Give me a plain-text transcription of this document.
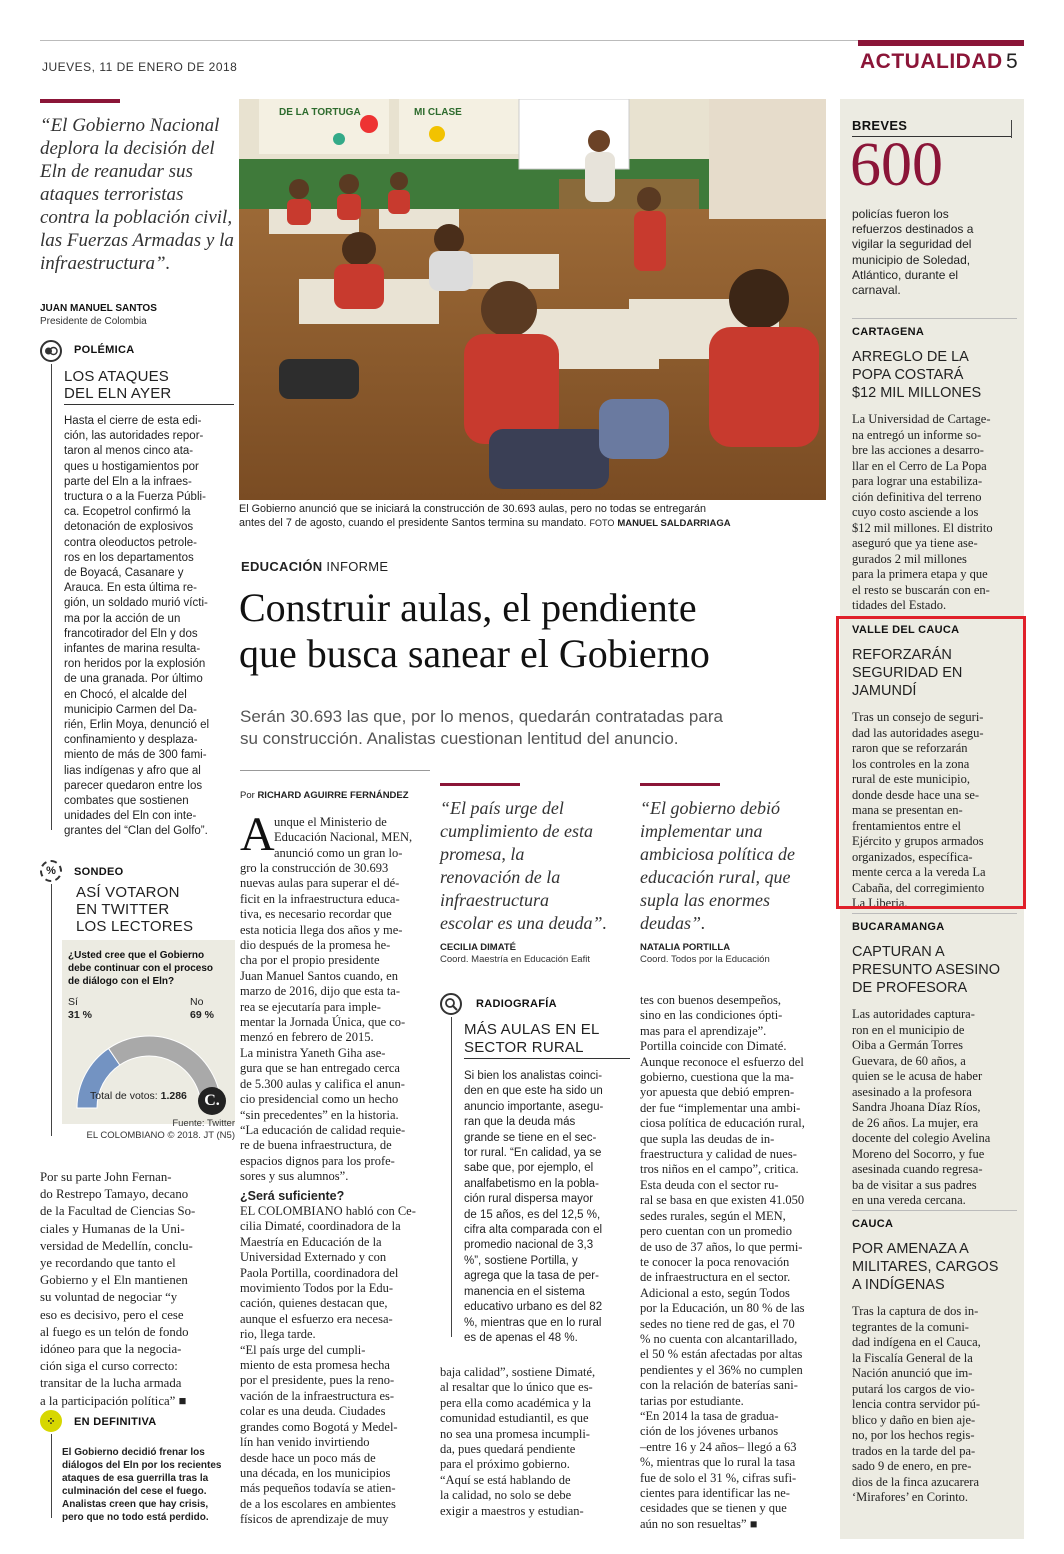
JUEVES, 11 DE ENERO DE 2018	ACTUALIDAD 5
“El Gobierno Nacional deplora la decisión del Eln de reanudar sus ataques terroristas contra la población civil, las Fuerzas Armadas y la infraestructura”.
JUAN MANUEL SANTOS
Presidente de Colombia
POLÉMICA
LOS ATAQUES
DEL ELN AYER
Hasta el cierre de esta edi-
ción, las autoridades repor-
taron al menos cinco ata-
ques u hostigamientos por
parte del Eln a la infraes-
tructura o a la Fuerza Públi-
ca. Ecopetrol confirmó la
detonación de explosivos
contra oleoductos petrole-
ros en los departamentos
de Boyacá, Casanare y
Arauca. En esta última re-
gión, un soldado murió vícti-
ma por la acción de un
francotirador del Eln y dos
infantes de marina resulta-
ron heridos por la explosión
de una granada. Por último
en Chocó, el alcalde del
municipio Carmen del Da-
rién, Erlin Moya, denunció el
confinamiento y desplaza-
miento de más de 300 fami-
lias indígenas y afro que al
parecer quedaron entre los
combates que sostienen
unidades del Eln con inte-
grantes del “Clan del Golfo”.
%	SONDEO
ASÍ VOTARON
EN TWITTER
LOS LECTORES
¿Usted cree que el Gobierno
debe continuar con el proceso
de diálogo con el Eln?
Sí
31 %
No
69 %
Total de votos: 1.286	C.
Fuente: Twitter
EL COLOMBIANO © 2018. JT (N5)
Por su parte John Fernan-
do Restrepo Tamayo, decano
de la Facultad de Ciencias So-
ciales y Humanas de la Uni-
versidad de Medellín, conclu-
ye recordando que tanto el
Gobierno y el Eln mantienen
su voluntad de negociar “y
eso es decisivo, pero el cese
al fuego es un telón de fondo
idóneo para que la negocia-
ción siga el curso correcto:
transitar de la lucha armada
a la participación política” ■
⁘	EN DEFINITIVA
El Gobierno decidió frenar los
diálogos del Eln por los recientes
ataques de esa guerrilla tras la
culminación del cese el fuego.
Analistas creen que hay crisis,
pero que no todo está perdido.
DE LA TORTUGA	MI CLASE
El Gobierno anunció que se iniciará la construcción de 30.693 aulas, pero no todas se entregarán
antes del 7 de agosto, cuando el presidente Santos termina su mandato. FOTO MANUEL SALDARRIAGA
EDUCACIÓN INFORME
Construir aulas, el pendiente
que busca sanear el Gobierno
Serán 30.693 las que, por lo menos, quedarán contratadas para
su construcción. Analistas cuestionan lentitud del anuncio.
Por RICHARD AGUIRRE FERNÁNDEZ
A unque el Ministerio de
Educación Nacional, MEN,
anunció como un gran lo-
gro la construcción de 30.693
nuevas aulas para superar el dé-
ficit en la infraestructura educa-
tiva, es necesario recordar que
esta noticia llega dos años y me-
dio después de la promesa he-
cha por el propio presidente
Juan Manuel Santos cuando, en
marzo de 2016, dijo que esta ta-
rea se ejecutaría para imple-
mentar la Jornada Única, que co-
menzó en febrero de 2015.
La ministra Yaneth Giha ase-
gura que se han entregado cerca
de 5.300 aulas y califica el anun-
cio presidencial como un hecho
“sin precedentes” en la historia.
“La educación de calidad requie-
re de buena infraestructura, de
espacios dignos para los profe-
sores y sus alumnos”.
¿Será suficiente?
EL COLOMBIANO habló con Ce-
cilia Dimaté, coordinadora de la
Maestría en Educación de la
Universidad Externado y con
Paola Portilla, coordinadora del
movimiento Todos por la Edu-
cación, quienes destacan que,
aunque el esfuerzo era necesa-
rio, llega tarde.
“El país urge del cumpli-
miento de esta promesa hecha
por el presidente, pues la reno-
vación de la infraestructura es-
colar es una deuda. Ciudades
grandes como Bogotá y Medel-
lín han venido invirtiendo
desde hace un poco más de
una década, en los municipios
más pequeños todavía se atien-
de a los escolares en ambientes
físicos de aprendizaje de muy
“El país urge del
cumplimiento de esta
promesa, la
renovación de la
infraestructura
escolar es una deuda”.
CECILIA DIMATÉ
Coord. Maestría en Educación Eafit
“El gobierno debió
implementar una
ambiciosa política de
educación rural, que
supla las enormes
deudas”.
NATALIA PORTILLA
Coord. Todos por la Educación
RADIOGRAFÍA
MÁS AULAS EN EL
SECTOR RURAL
Si bien los analistas coinci-
den en que este ha sido un
anuncio importante, asegu-
ran que la deuda más
grande se tiene en el sec-
tor rural. “En calidad, ya se
sabe que, por ejemplo, el
analfabetismo en la pobla-
ción rural dispersa mayor
de 15 años, es del 12,5 %,
cifra alta comparada con el
promedio nacional de 3,3
%”, sostiene Portilla, y
agrega que la tasa de per-
manencia en el sistema
educativo urbano es del 82
%, mientras que en lo rural
es de apenas el 48 %.
baja calidad”, sostiene Dimaté,
al resaltar que lo único que es-
pera ella como académica y la
comunidad estudiantil, es que
no sea una promesa incumpli-
da, pues quedará pendiente
para el próximo gobierno.
“Aquí se está hablando de
la calidad, no solo se debe
exigir a maestros y estudian-
tes con buenos desempeños,
sino en las condiciones ópti-
mas para el aprendizaje”.
Portilla coincide con Dimaté.
Aunque reconoce el esfuerzo del
gobierno, cuestiona que la ma-
yor apuesta que debió empren-
der fue “implementar una ambi-
ciosa política de educación rural,
que supla las deudas de in-
fraestructura y calidad de nues-
tros niños en el campo”, critica.
Esta deuda con el sector ru-
ral se basa en que existen 41.050
sedes rurales, según el MEN,
pero cuentan con un promedio
de uso de 37 años, lo que permi-
te conocer la poca renovación
de infraestructura en el sector.
Adicional a esto, según Todos
por la Educación, un 80 % de las
sedes no tiene red de gas, el 70
% no cuenta con alcantarillado,
el 50 % están afectadas por altas
pendientes y el 36% no cumplen
con la relación de baterías sani-
tarias por estudiante.
“En 2014 la tasa de gradua-
ción de los jóvenes urbanos
–entre 16 y 24 años– llegó a 63
%, mientras que lo rural la tasa
fue de solo el 31 %, cifras sufi-
cientes para identificar las ne-
cesidades que se tienen y que
aún no son resueltas” ■
BREVES
600
policías fueron los
refuerzos destinados a
vigilar la seguridad del
municipio de Soledad,
Atlántico, durante el
carnaval.
CARTAGENA
ARREGLO DE LA
POPA COSTARÁ
$12 MIL MILLONES
La Universidad de Cartage-
na entregó un informe so-
bre las acciones a desarro-
llar en el Cerro de La Popa
para lograr una estabiliza-
ción definitiva del terreno
cuyo costo asciende a los
$12 mil millones. El distrito
aseguró que ya tiene ase-
gurados 2 mil millones
para la primera etapa y que
el resto se buscarán con en-
tidades del Estado.
VALLE DEL CAUCA
REFORZARÁN
SEGURIDAD EN
JAMUNDÍ
Tras un consejo de seguri-
dad las autoridades asegu-
raron que se reforzarán
los controles en la zona
rural de este municipio,
donde desde hace una se-
mana se presentan en-
frentamientos entre el
Ejército y grupos armados
organizados, específica-
mente cerca a la vereda La
Cabaña, del corregimiento
La Liberia.
BUCARAMANGA
CAPTURAN A
PRESUNTO ASESINO
DE PROFESORA
Las autoridades captura-
ron en el municipio de
Oiba a Germán Torres
Guevara, de 60 años, a
quien se le acusa de haber
asesinado a la profesora
Sandra Jhoana Díaz Ríos,
de 26 años. La mujer, era
docente del colegio Avelina
Moreno del Socorro, y fue
asesinada cuando regresa-
ba de visitar a sus padres
en una vereda cercana.
CAUCA
POR AMENAZA A
MILITARES, CARGOS
A INDÍGENAS
Tras la captura de dos in-
tegrantes de la comuni-
dad indígena en el Cauca,
la Fiscalía General de la
Nación anunció que im-
putará los cargos de vio-
lencia contra servidor pú-
blico y daño en bien aje-
no, por los hechos regis-
trados en la tarde del pa-
sado 9 de enero, en pre-
dios de la finca azucarera
‘Mirafores’ en Corinto.
